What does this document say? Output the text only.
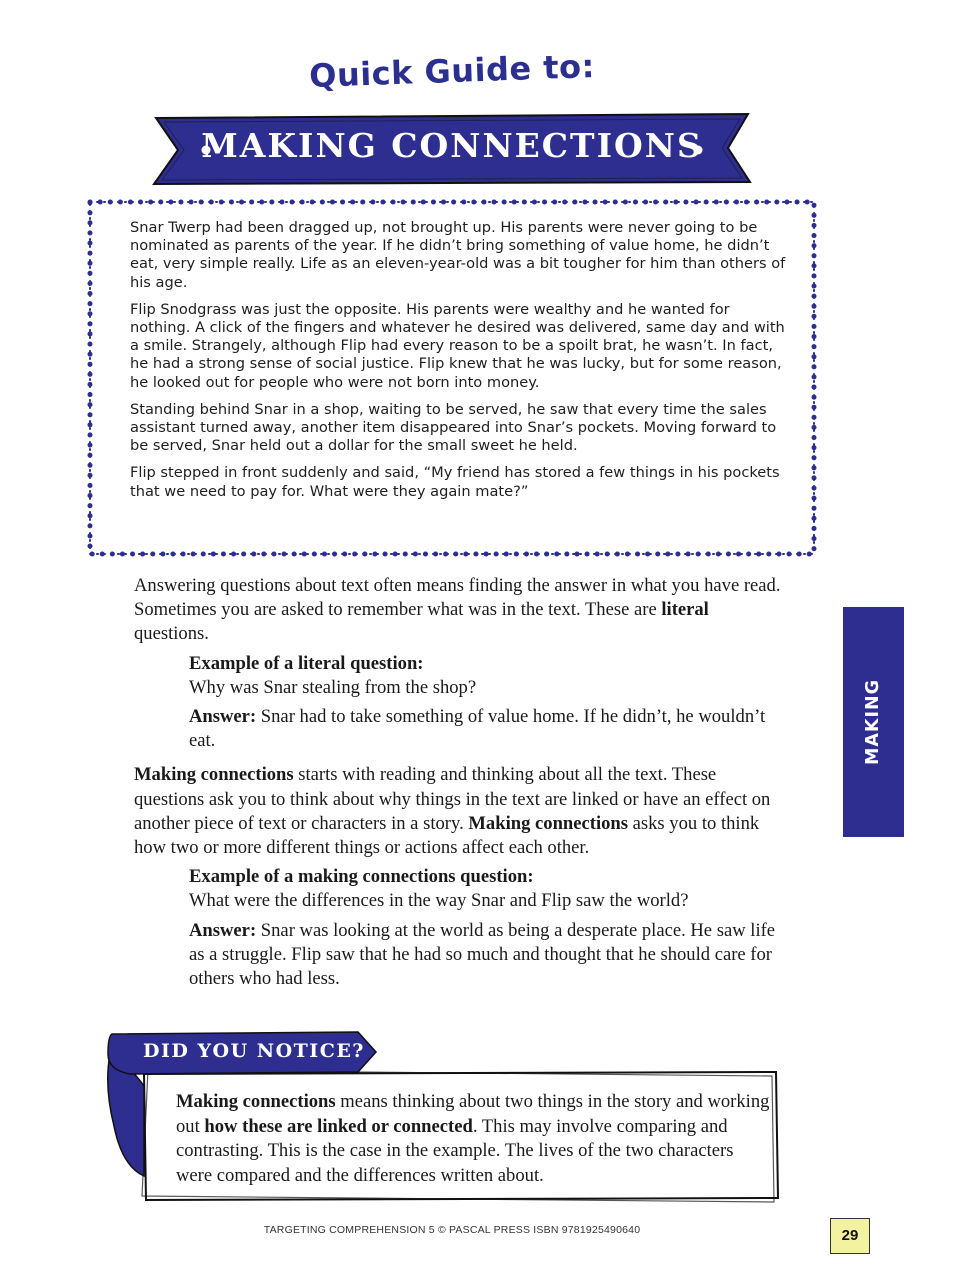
Quick Guide to:
MAKING CONNECTIONS

Snar Twerp had been dragged up, not brought up. His parents were never going to be nominated as parents of the year. If he didn’t bring something of value home, he didn’t eat, very simple really. Life as an eleven-year-old was a bit tougher for him than others of his age.

Flip Snodgrass was just the opposite. His parents were wealthy and he wanted for nothing. A click of the fingers and whatever he desired was delivered, same day and with a smile. Strangely, although Flip had every reason to be a spoilt brat, he wasn’t. In fact, he had a strong sense of social justice. Flip knew that he was lucky, but for some reason, he looked out for people who were not born into money.

Standing behind Snar in a shop, waiting to be served, he saw that every time the sales assistant turned away, another item disappeared into Snar’s pockets. Moving forward to be served, Snar held out a dollar for the small sweet he held.

Flip stepped in front suddenly and said, “My friend has stored a few things in his pockets that we need to pay for. What were they again mate?”

Answering questions about text often means finding the answer in what you have read. Sometimes you are asked to remember what was in the text. These are literal questions.

Example of a literal question:

Why was Snar stealing from the shop?

Answer: Snar had to take something of value home. If he didn’t, he wouldn’t eat.

Making connections starts with reading and thinking about all the text. These questions ask you to think about why things in the text are linked or have an effect on another piece of text or characters in a story. Making connections asks you to think how two or more different things or actions affect each other.

Example of a making connections question:

What were the differences in the way Snar and Flip saw the world?

Answer: Snar was looking at the world as being a desperate place. He saw life as a struggle. Flip saw that he had so much and thought that he should care for others who had less.

MAKING CONNECTIONS
DID YOU NOTICE?

Making connections means thinking about two things in the story and working out how these are linked or connected. This may involve comparing and contrasting. This is the case in the example. The lives of the two characters were compared and the differences written about.

TARGETING COMPREHENSION 5 © PASCAL PRESS ISBN 9781925490640	29
